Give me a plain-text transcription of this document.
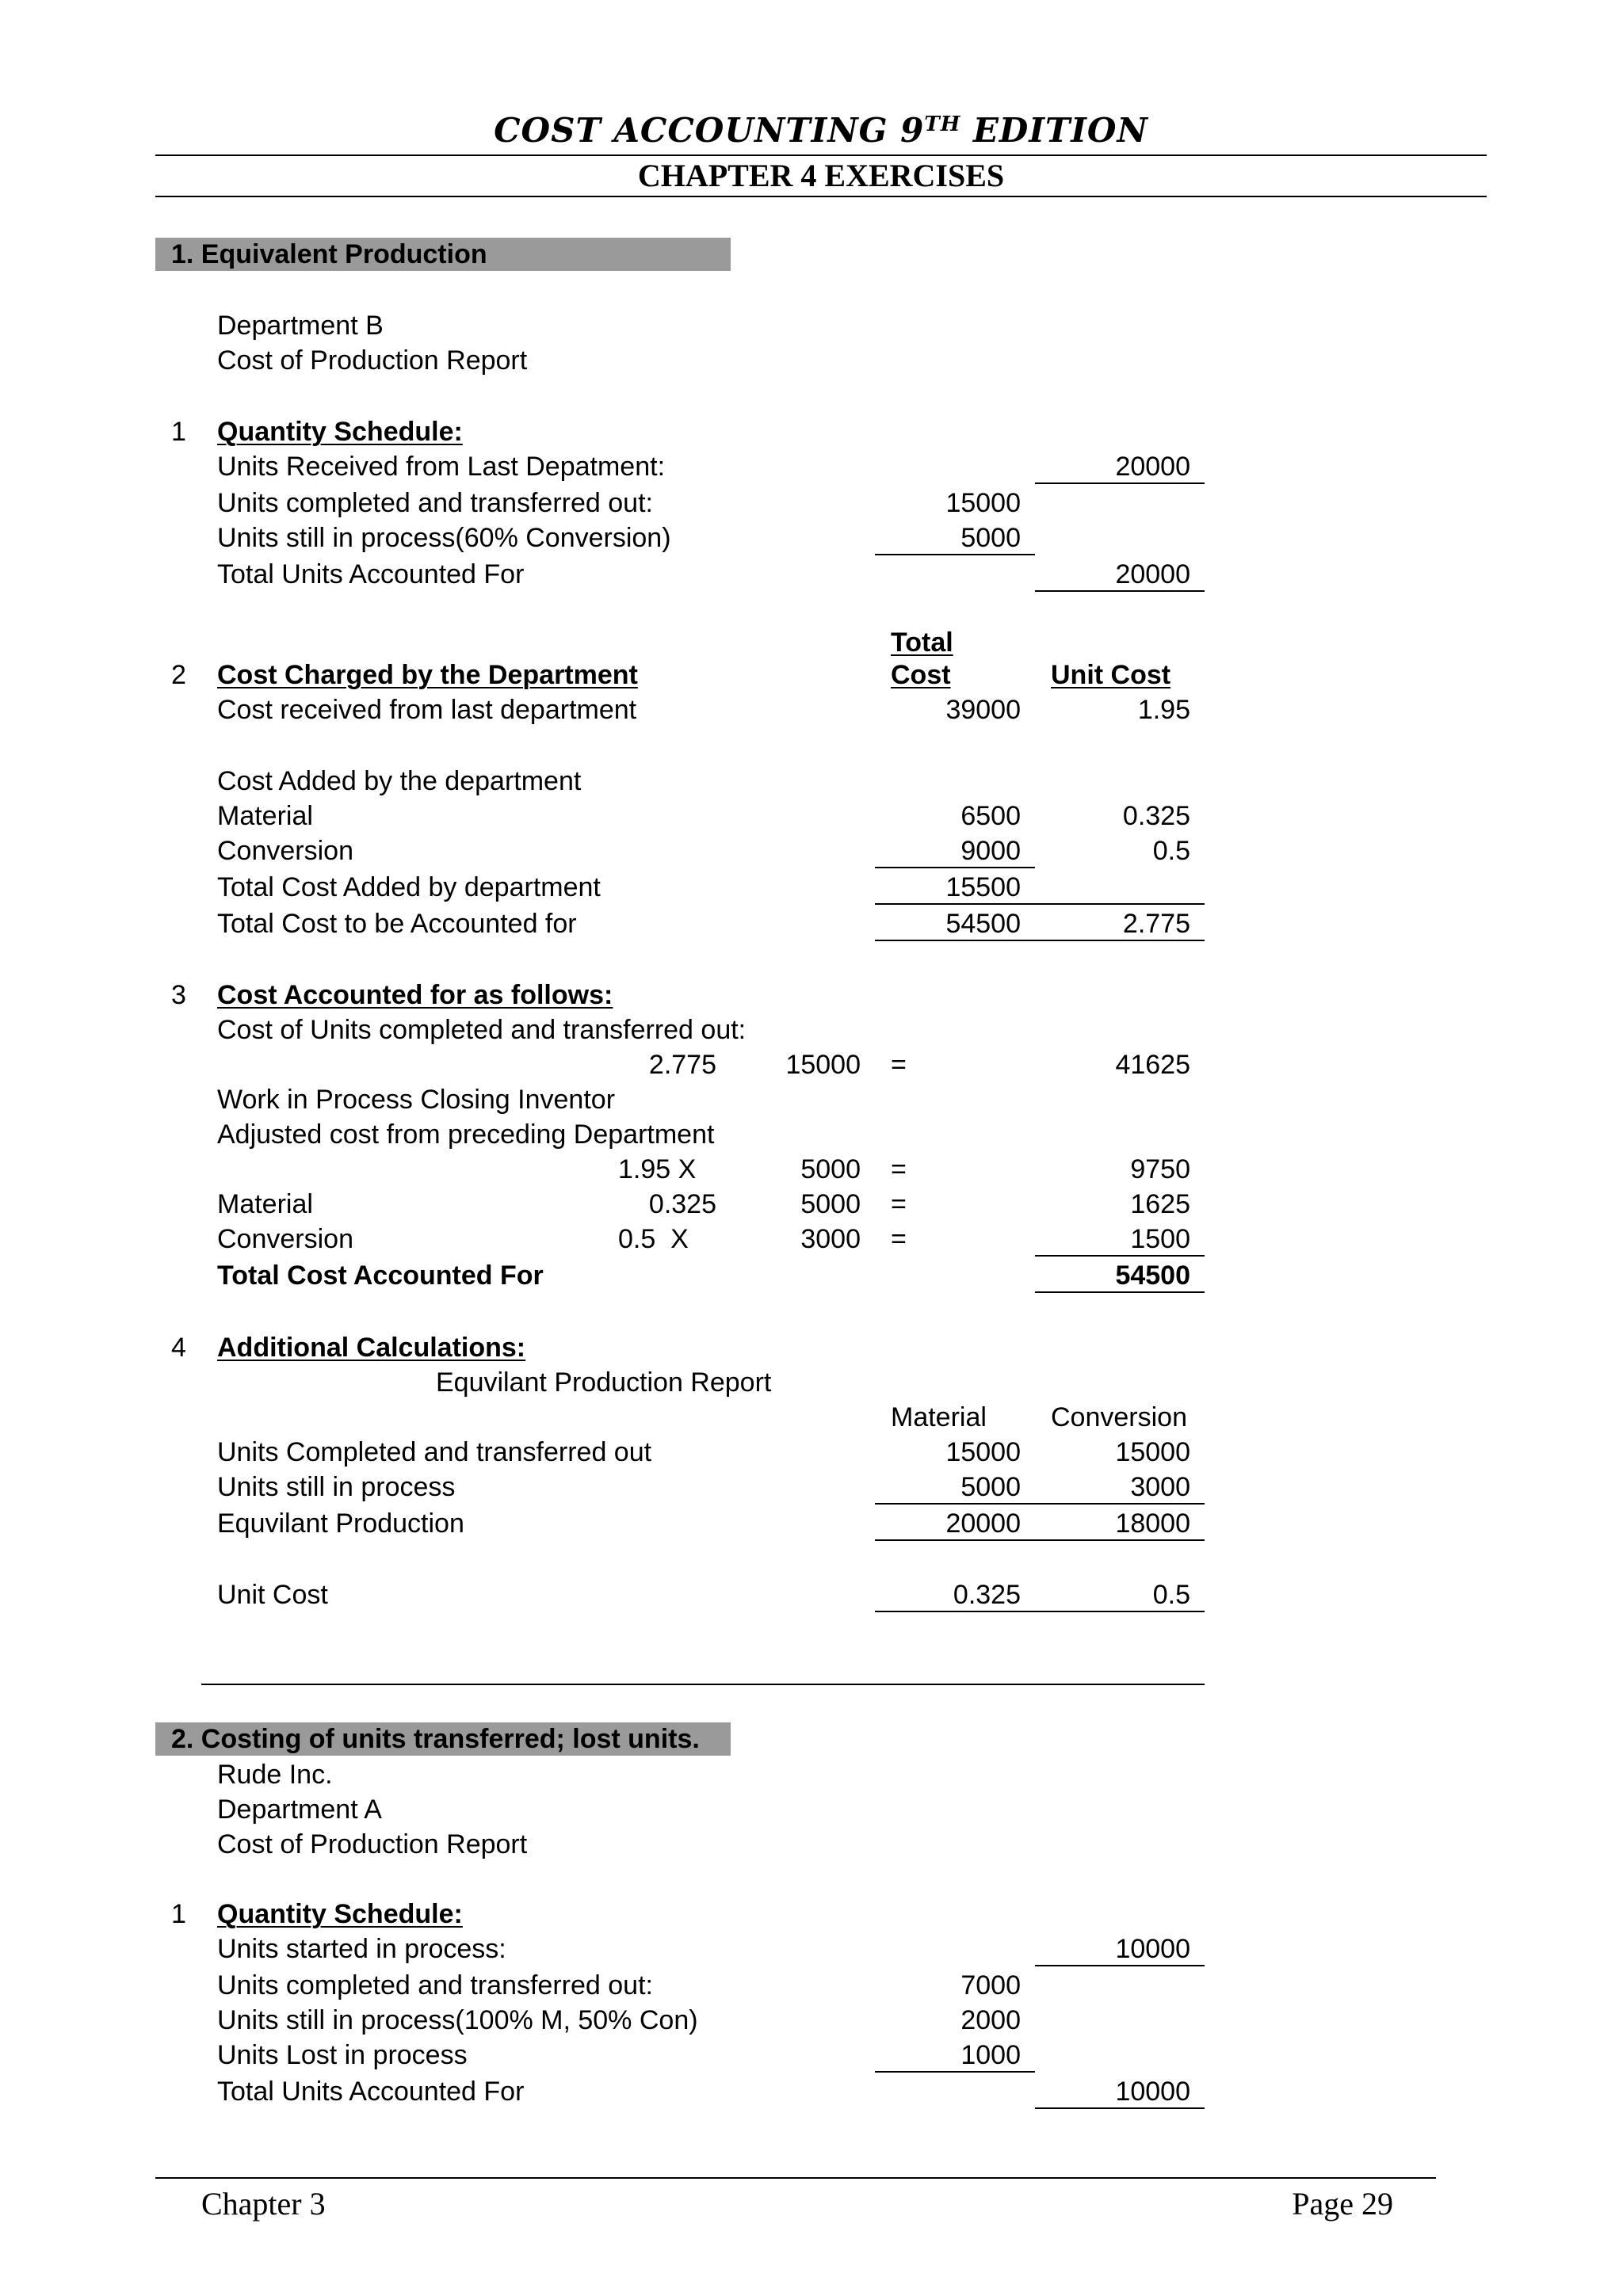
COST ACCOUNTING 9TH EDITION
CHAPTER 4 EXERCISES
1. Equivalent Production
Department B
Cost of Production Report
1 Quantity Schedule:
Units Received from Last Depatment:	20000
Units completed and transferred out:	15000
Units still in process(60% Conversion)	5000
Total Units Accounted For	20000
Total
2 Cost Charged by the Department	Cost	Unit Cost
Cost received from last department	39000	1.95
Cost Added by the department
Material	6500	0.325
Conversion	9000	0.5
Total Cost Added by department	15500
Total Cost to be Accounted for	54500	2.775
3 Cost Accounted for as follows:
Cost of Units completed and transferred out:
2.775	15000 =	41625
Work in Process Closing Inventor
Adjusted cost from preceding Department
1.95 X	5000 =	9750
Material	0.325	5000 =	1625
Conversion	0.5  X	3000 =	1500
Total Cost Accounted For	54500
4 Additional Calculations:
Equvilant Production Report
Material Conversion
Units Completed and transferred out	15000	15000
Units still in process	5000	3000
Equvilant Production	20000	18000
Unit Cost	0.325	0.5
2. Costing of units transferred; lost units.
Rude Inc.
Department A
Cost of Production Report
1 Quantity Schedule:
Units started in process:	10000
Units completed and transferred out:	7000
Units still in process(100% M, 50% Con)	2000
Units Lost in process	1000
Total Units Accounted For	10000
Chapter 3	Page 29
